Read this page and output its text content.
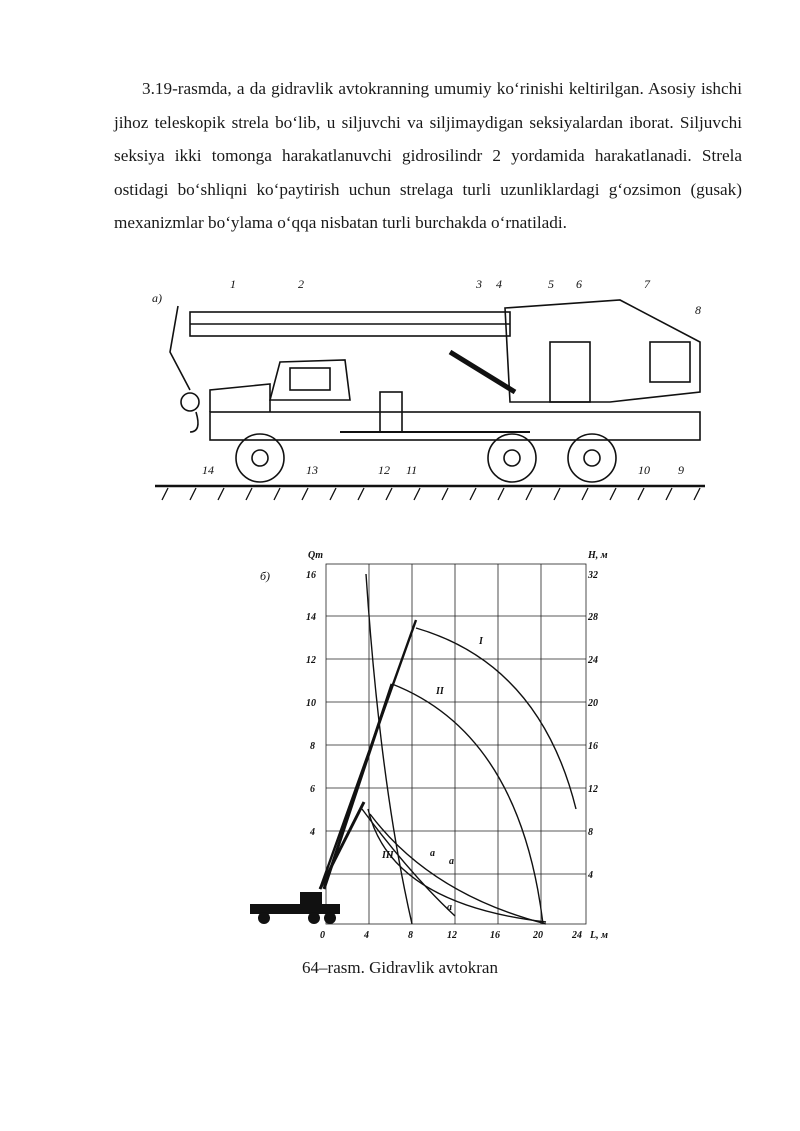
3.19-rasmda, a da gidravlik avtokranning umumiy ko‘rinishi keltirilgan. Asosiy ishchi jihoz teleskopik strela bo‘lib, u siljuvchi va siljimaydigan seksiyalardan iborat. Siljuvchi seksiya ikki tomonga harakatlanuvchi gidrosilindr 2 yordamida harakatlanadi. Strela ostidagi bo‘shliqni ko‘paytirish uchun strelaga turli uzunliklardagi g‘ozsimon (gusak) mexanizmlar bo‘ylama o‘qqa nisbatan turli burchakda o‘rnatiladi.

a)
1	2	3 4	5 6	7
8
9
10
11
12
13
14
б)
Qт	H, м
L, м
4
6
8
10
12
14
16
4
8
12
16
20
24
28
32
0	4	8	12	16	20	24
I
II
III	a
a
a
64–rasm. Gidravlik avtokran
